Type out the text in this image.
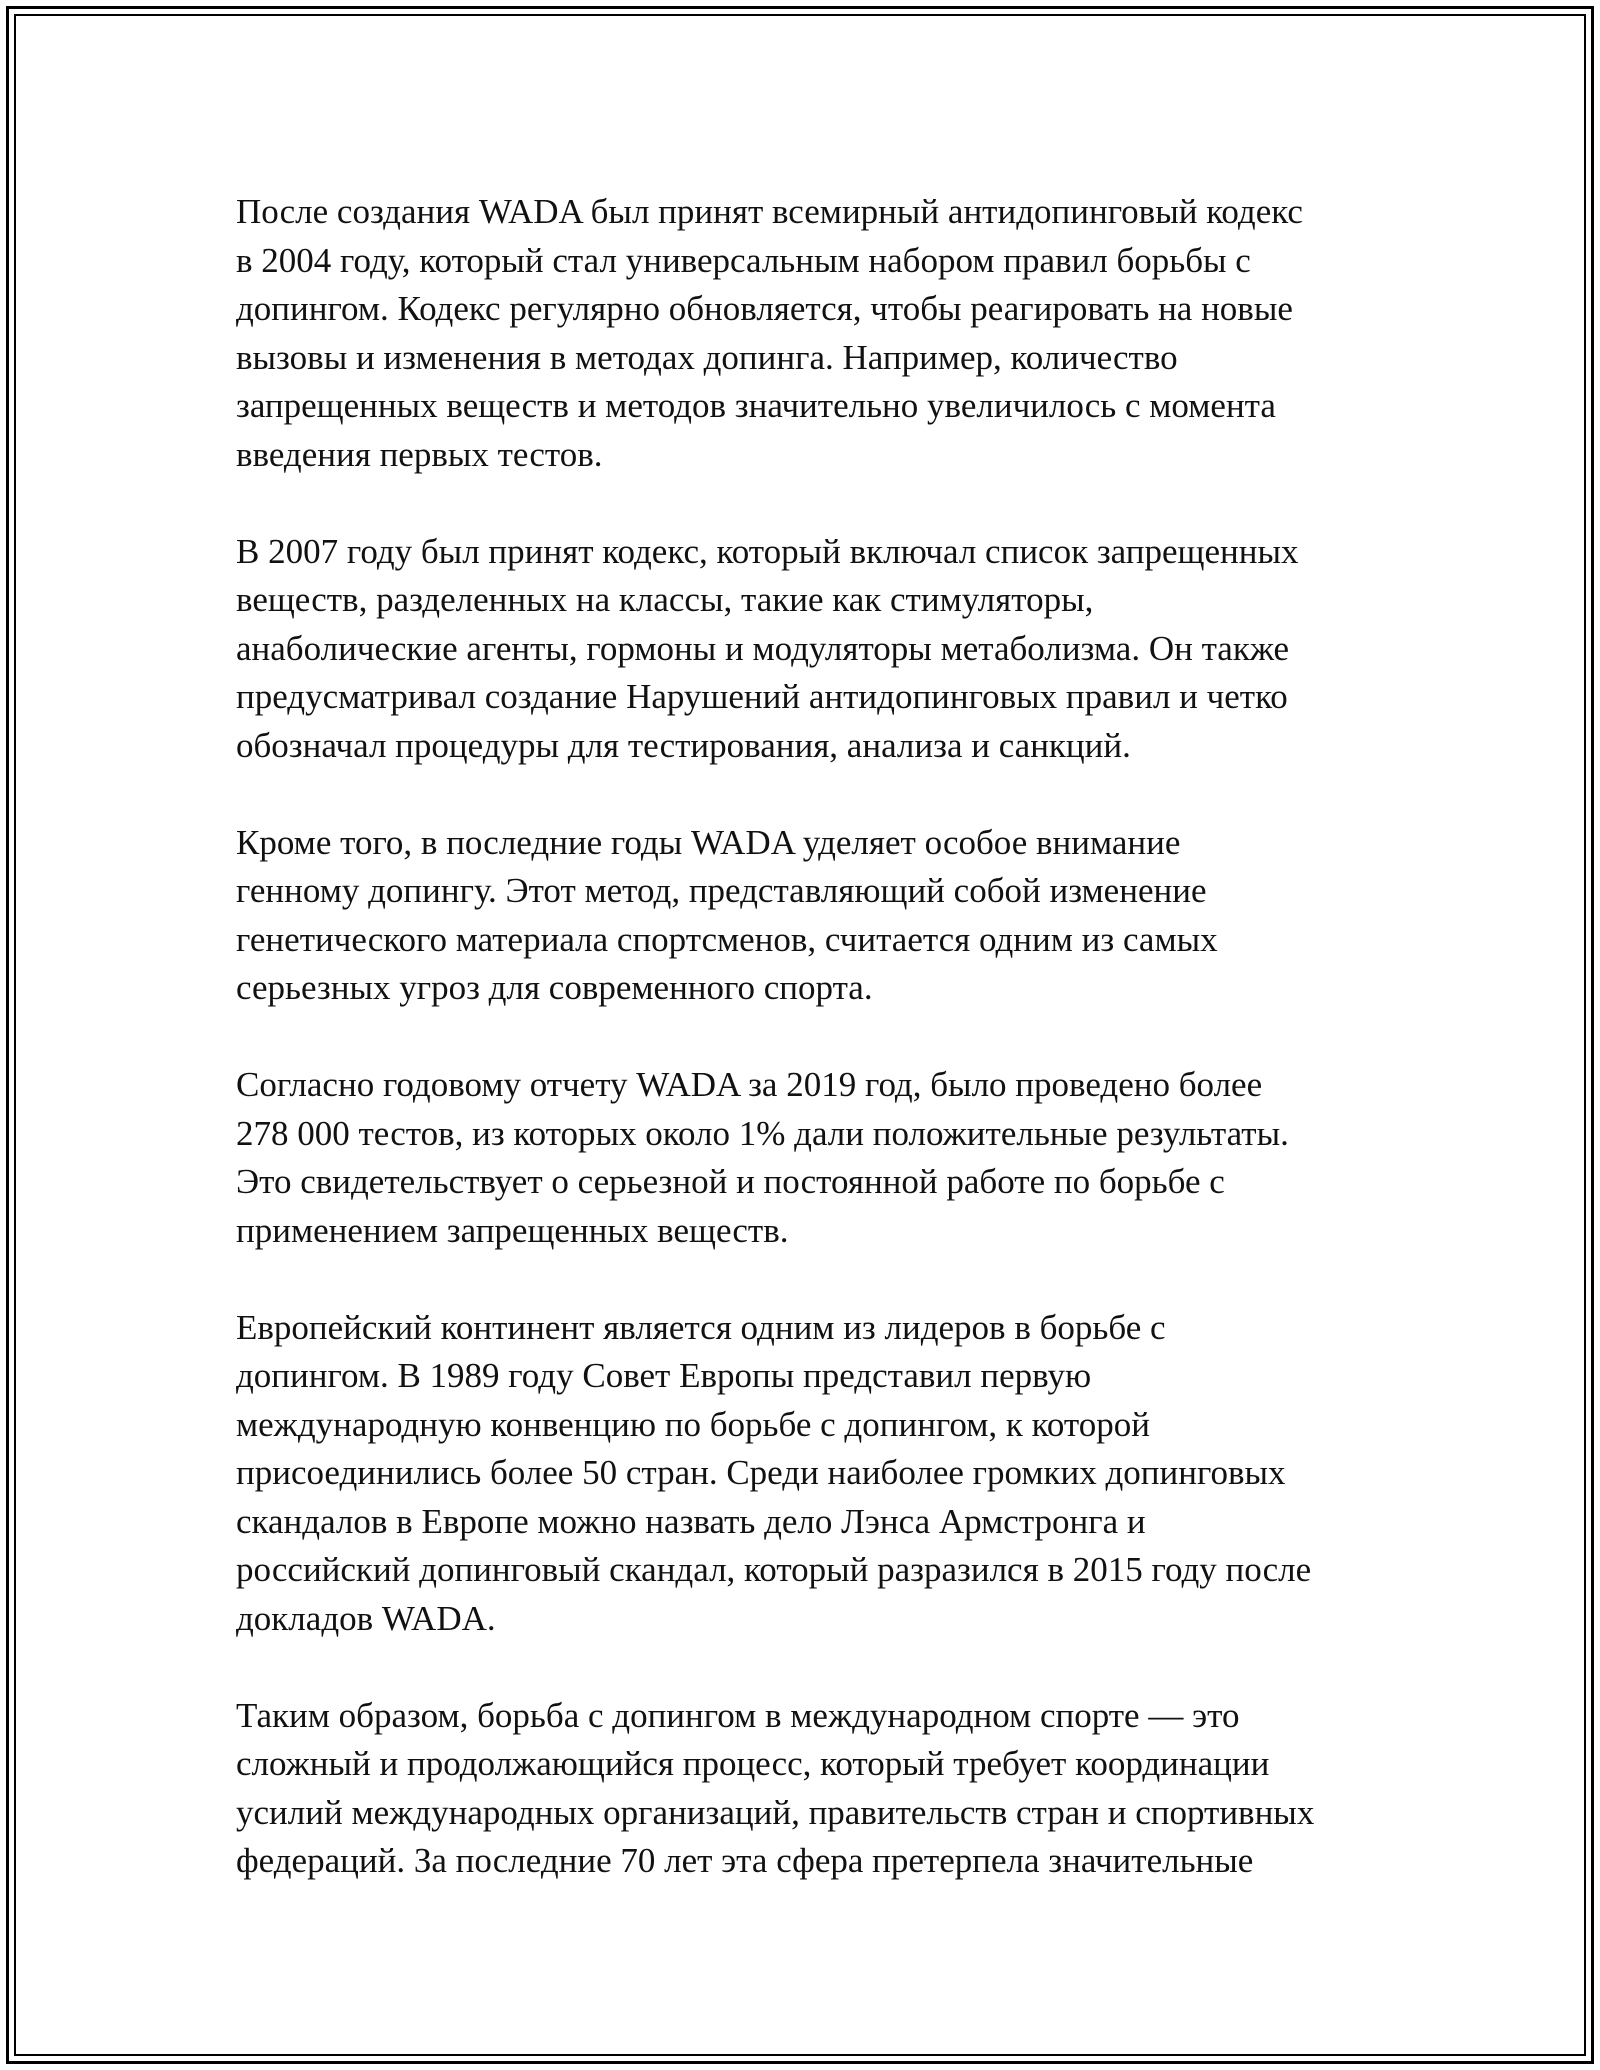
После создания WADA был принят всемирный антидопинговый кодекс
в 2004 году, который стал универсальным набором правил борьбы с
допингом. Кодекс регулярно обновляется, чтобы реагировать на новые
вызовы и изменения в методах допинга. Например, количество
запрещенных веществ и методов значительно увеличилось с момента
введения первых тестов.

В 2007 году был принят кодекс, который включал список запрещенных
веществ, разделенных на классы, такие как стимуляторы,
анаболические агенты, гормоны и модуляторы метаболизма. Он также
предусматривал создание Нарушений антидопинговых правил и четко
обозначал процедуры для тестирования, анализа и санкций.

Кроме того, в последние годы WADA уделяет особое внимание
генному допингу. Этот метод, представляющий собой изменение
генетического материала спортсменов, считается одним из самых
серьезных угроз для современного спорта.

Согласно годовому отчету WADA за 2019 год, было проведено более
278 000 тестов, из которых около 1% дали положительные результаты.
Это свидетельствует о серьезной и постоянной работе по борьбе с
применением запрещенных веществ.

Европейский континент является одним из лидеров в борьбе с
допингом. В 1989 году Совет Европы представил первую
международную конвенцию по борьбе с допингом, к которой
присоединились более 50 стран. Среди наиболее громких допинговых
скандалов в Европе можно назвать дело Лэнса Армстронга и
российский допинговый скандал, который разразился в 2015 году после
докладов WADA.

Таким образом, борьба с допингом в международном спорте — это
сложный и продолжающийся процесс, который требует координации
усилий международных организаций, правительств стран и спортивных
федераций. За последние 70 лет эта сфера претерпела значительные
